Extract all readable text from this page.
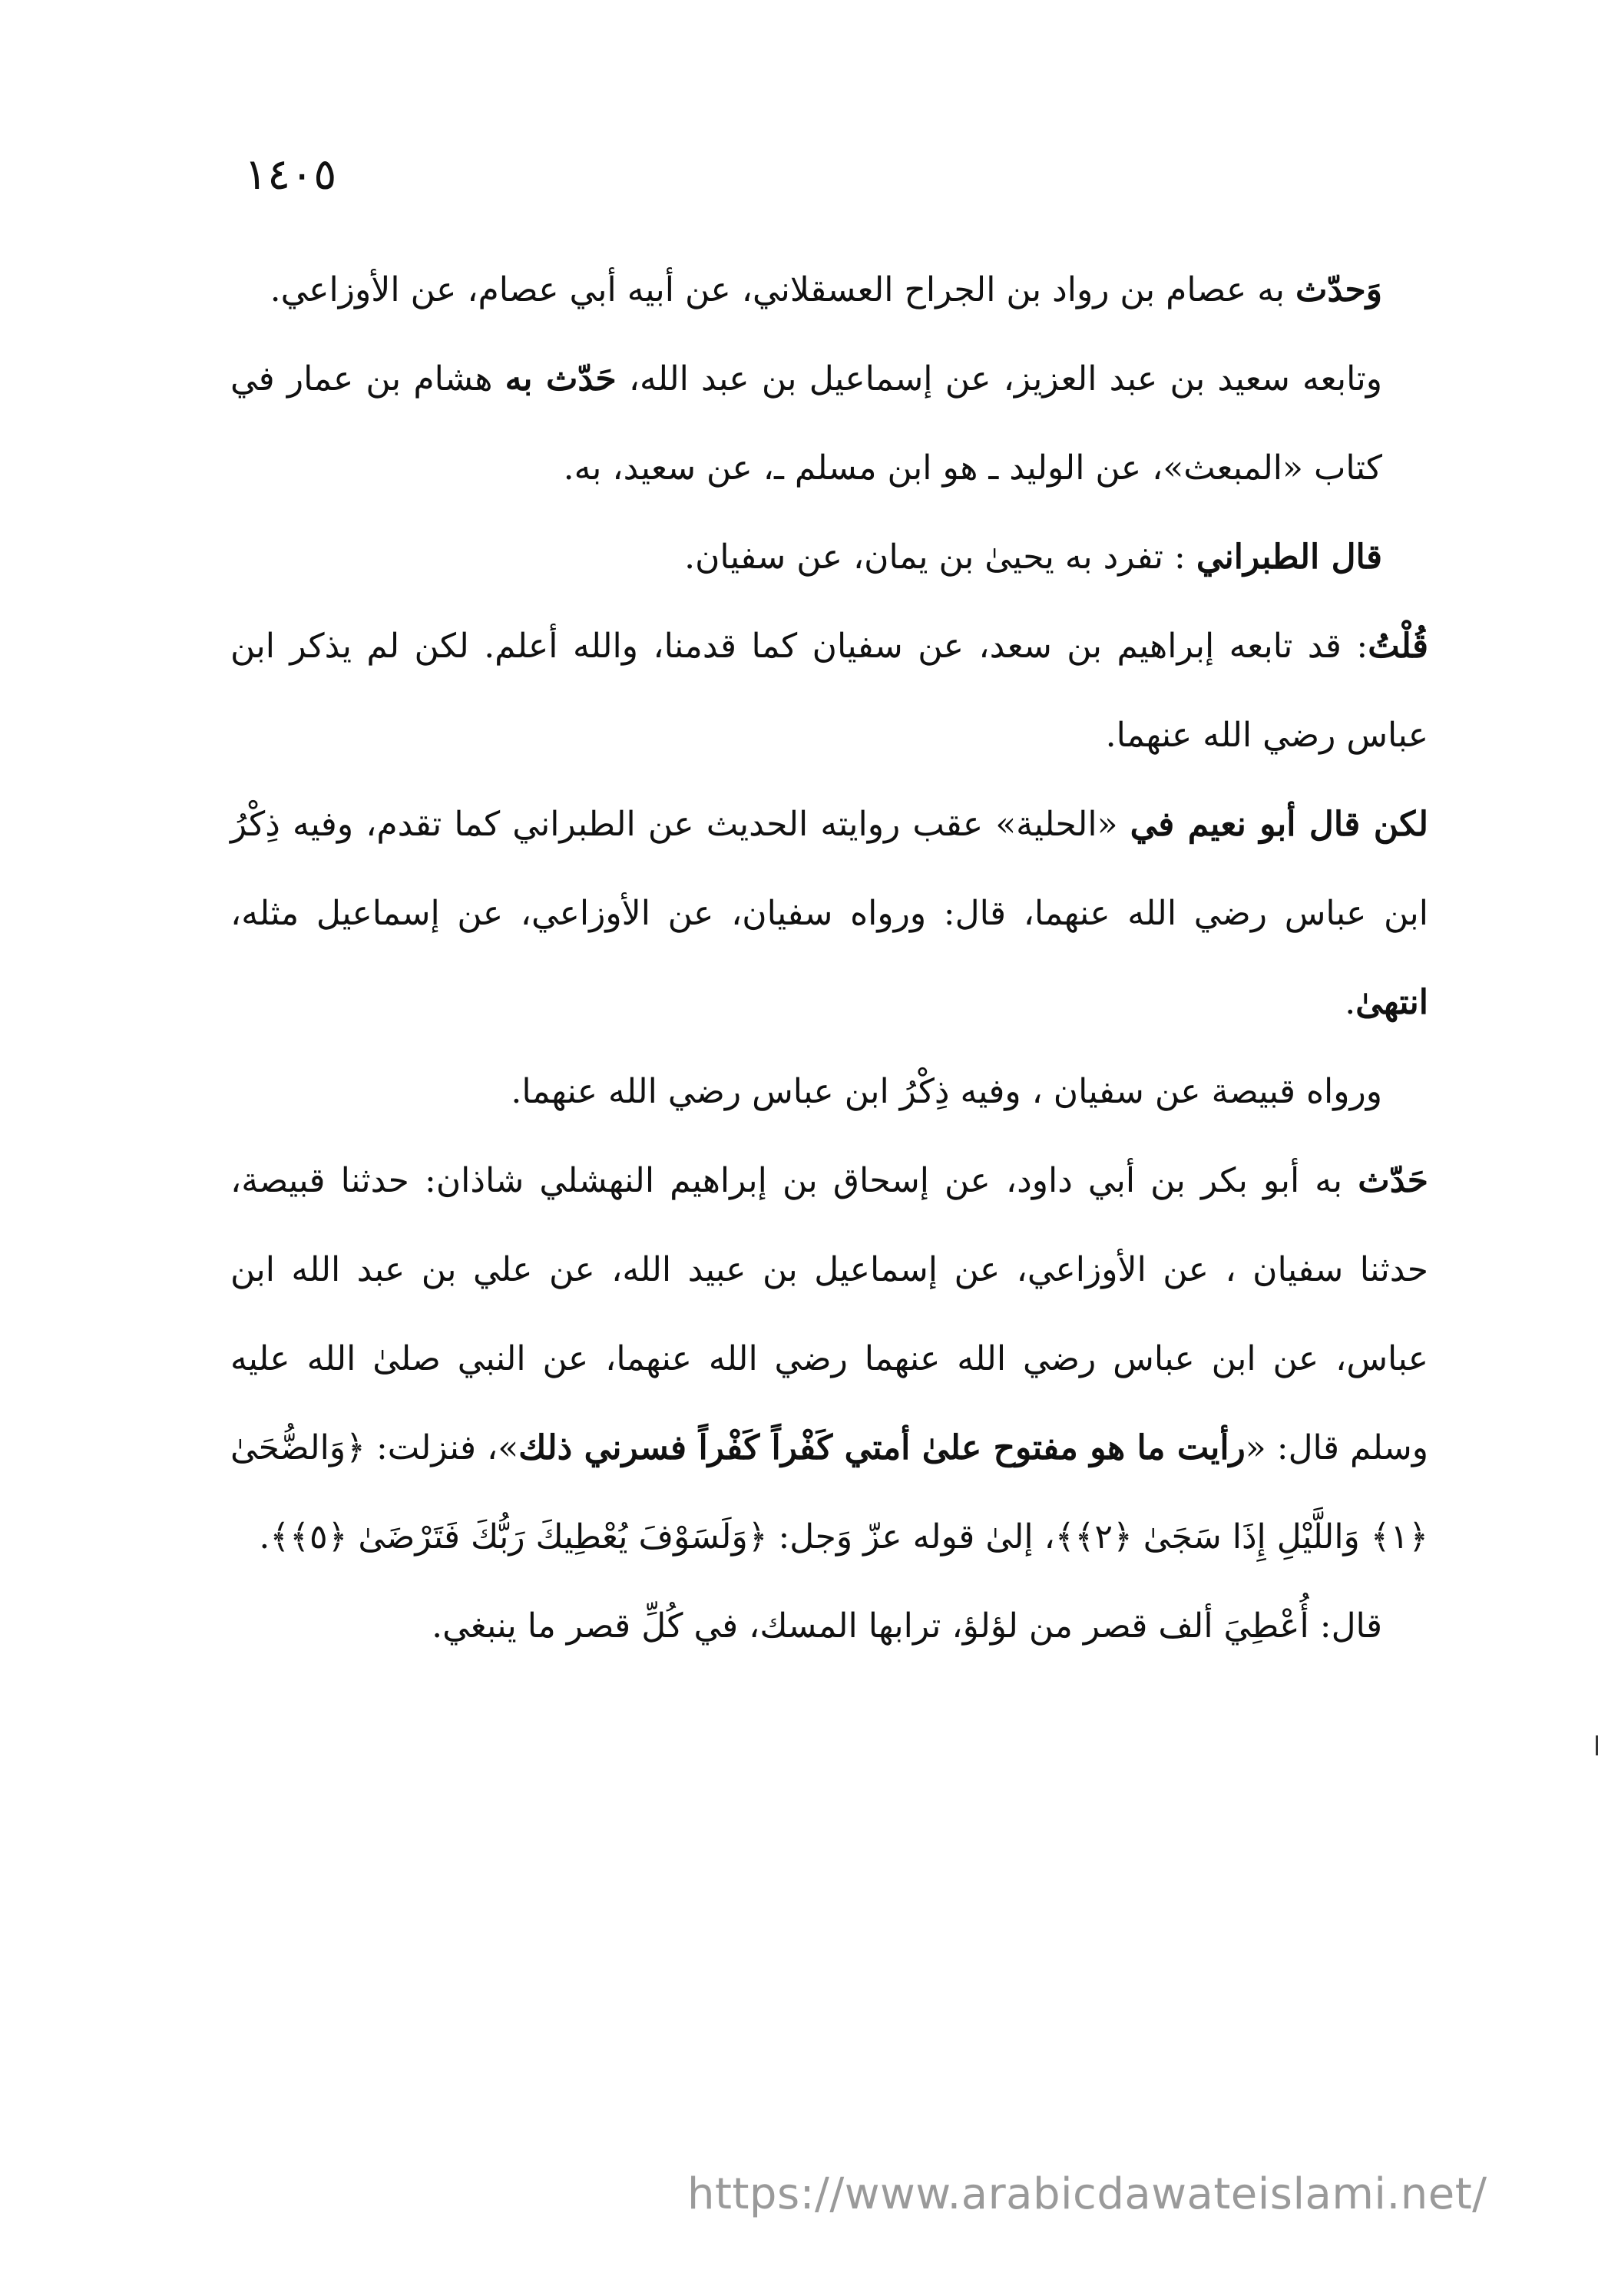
١٤٠٥

وَحدّث به عصام بن رواد بن الجراح العسقلاني، عن أبيه أبي عصام، عن الأوزاعي.

وتابعه سعيد بن عبد العزيز، عن إسماعيل بن عبد الله، حَدّث به هشام بن عمار في كتاب «المبعث»، عن الوليد ـ هو ابن مسلم ـ، عن سعيد، به.

قال الطبراني : تفرد به يحيىٰ بن يمان، عن سفيان.

قُلْتُ: قد تابعه إبراهيم بن سعد، عن سفيان كما قدمنا، والله أعلم. لكن لم يذكر ابن عباس رضي الله عنهما.

لكن قال أبو نعيم في «الحلية» عقب روايته الحديث عن الطبراني كما تقدم، وفيه ذِكْرُ ابن عباس رضي الله عنهما، قال: ورواه سفيان، عن الأوزاعي، عن إسماعيل مثله، انتهىٰ.

ورواه قبيصة عن سفيان ، وفيه ذِكْرُ ابن عباس رضي الله عنهما.

حَدّث به أبو بكر بن أبي داود، عن إسحاق بن إبراهيم النهشلي شاذان: حدثنا قبيصة، حدثنا سفيان ، عن الأوزاعي، عن إسماعيل بن عبيد الله، عن علي بن عبد الله ابن عباس، عن ابن عباس رضي الله عنهما رضي الله عنهما، عن النبي صلىٰ الله عليه وسلم قال: «رأيت ما هو مفتوح علىٰ أمتي كَفْراً كَفْراً فسرني ذلك»، فنزلت: ﴿وَالضُّحَىٰ ﴿١﴾ وَاللَّيْلِ إِذَا سَجَىٰ ﴿٢﴾﴾، إلىٰ قوله عزّ وَجل: ﴿وَلَسَوْفَ يُعْطِيكَ رَبُّكَ فَتَرْضَىٰ ﴿٥﴾﴾.

قال: أُعْطِيَ ألف قصر من لؤلؤ، ترابها المسك، في كُلِّ قصر ما ينبغي.

https://www.arabicdawateislami.net/
